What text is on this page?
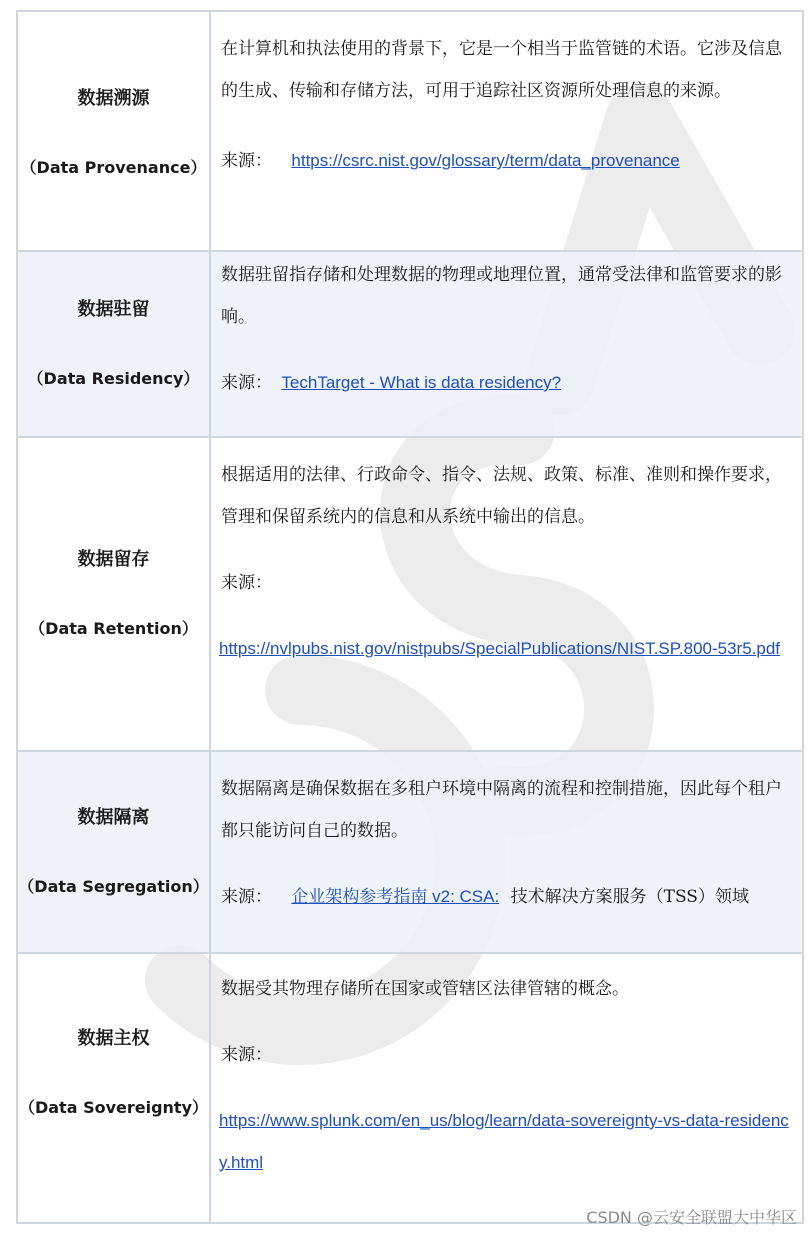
数据溯源
（Data Provenance）
在计算机和执法使用的背景下，它是一个相当于监管链的术语。它涉及信息的生成、传输和存储方法，可用于追踪社区资源所处理信息的来源。
来源： https://csrc.nist.gov/glossary/term/data_provenance
数据驻留
（Data Residency）
数据驻留指存储和处理数据的物理或地理位置，通常受法律和监管要求的影响。
来源： TechTarget - What is data residency?
数据留存
（Data Retention）
根据适用的法律、行政命令、指令、法规、政策、标准、准则和操作要求，管理和保留系统内的信息和从系统中输出的信息。
来源：
https://nvlpubs.nist.gov/nistpubs/SpecialPublications/NIST.SP.800-53r5.pdf
数据隔离
（Data Segregation）
数据隔离是确保数据在多租户环境中隔离的流程和控制措施，因此每个租户都只能访问自己的数据。
来源： 企业架构参考指南 v2: CSA: 技术解决方案服务（TSS）领域
数据主权
（Data Sovereignty）
数据受其物理存储所在国家或管辖区法律管辖的概念。
来源：
https://www.splunk.com/en_us/blog/learn/data-sovereignty-vs-data-residency.html
CSDN @云安全联盟大中华区
